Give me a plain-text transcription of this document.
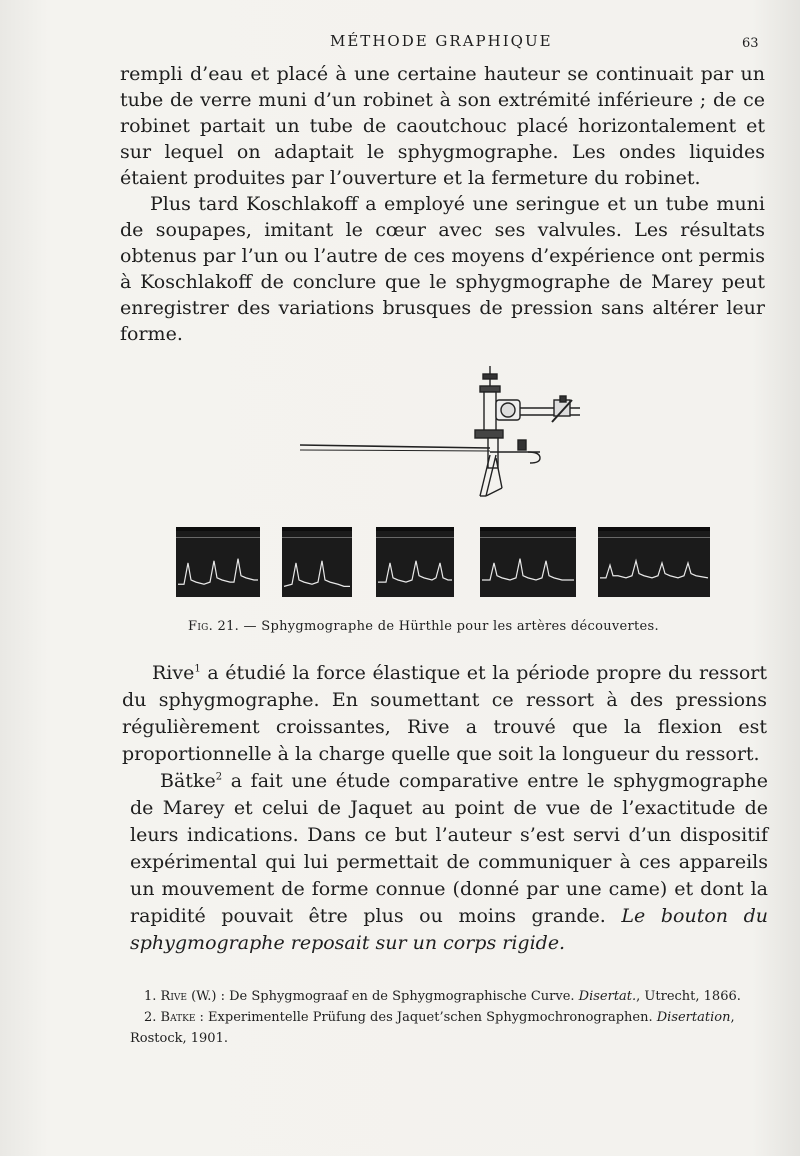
MÉTHODE GRAPHIQUE	63
rempli d’eau et placé à une certaine hauteur se continuait par un tube de verre muni d’un robinet à son extrémité inférieure ; de ce robinet partait un tube de caoutchouc placé horizontalement et sur lequel on adaptait le sphygmographe. Les ondes liquides étaient produites par l’ouverture et la fermeture du robinet.
Plus tard Koschlakoff a employé une seringue et un tube muni de soupapes, imitant le cœur avec ses valvules. Les résultats obtenus par l’un ou l’autre de ces moyens d’expérience ont permis à Koschlakoff de conclure que le sphygmographe de Marey peut enregistrer des variations brusques de pression sans altérer leur forme.
Fig. 21. — Sphygmographe de Hürthle pour les artères découvertes.
Rive$^1$ a étudié la force élastique et la période propre du ressort du sphygmographe. En soumettant ce ressort à des pressions régulièrement croissantes, Rive a trouvé que la flexion est proportionnelle à la charge quelle que soit la longueur du ressort.
Bätke$^2$ a fait une étude comparative entre le sphygmographe de Marey et celui de Jaquet au point de vue de l’exactitude de leurs indications. Dans ce but l’auteur s’est servi d’un dispositif expérimental qui lui permettait de communiquer à ces appareils un mouvement de forme connue (donné par une came) et dont la rapidité pouvait être plus ou moins grande. Le bouton du sphygmographe reposait sur un corps rigide.

1. Rive (W.) : De Sphygmograaf en de Sphygmographische Curve. Disertat., Utrecht, 1866.

2. Batke : Experimentelle Prüfung des Jaquet’schen Sphygmochronographen. Disertation, Rostock, 1901.
